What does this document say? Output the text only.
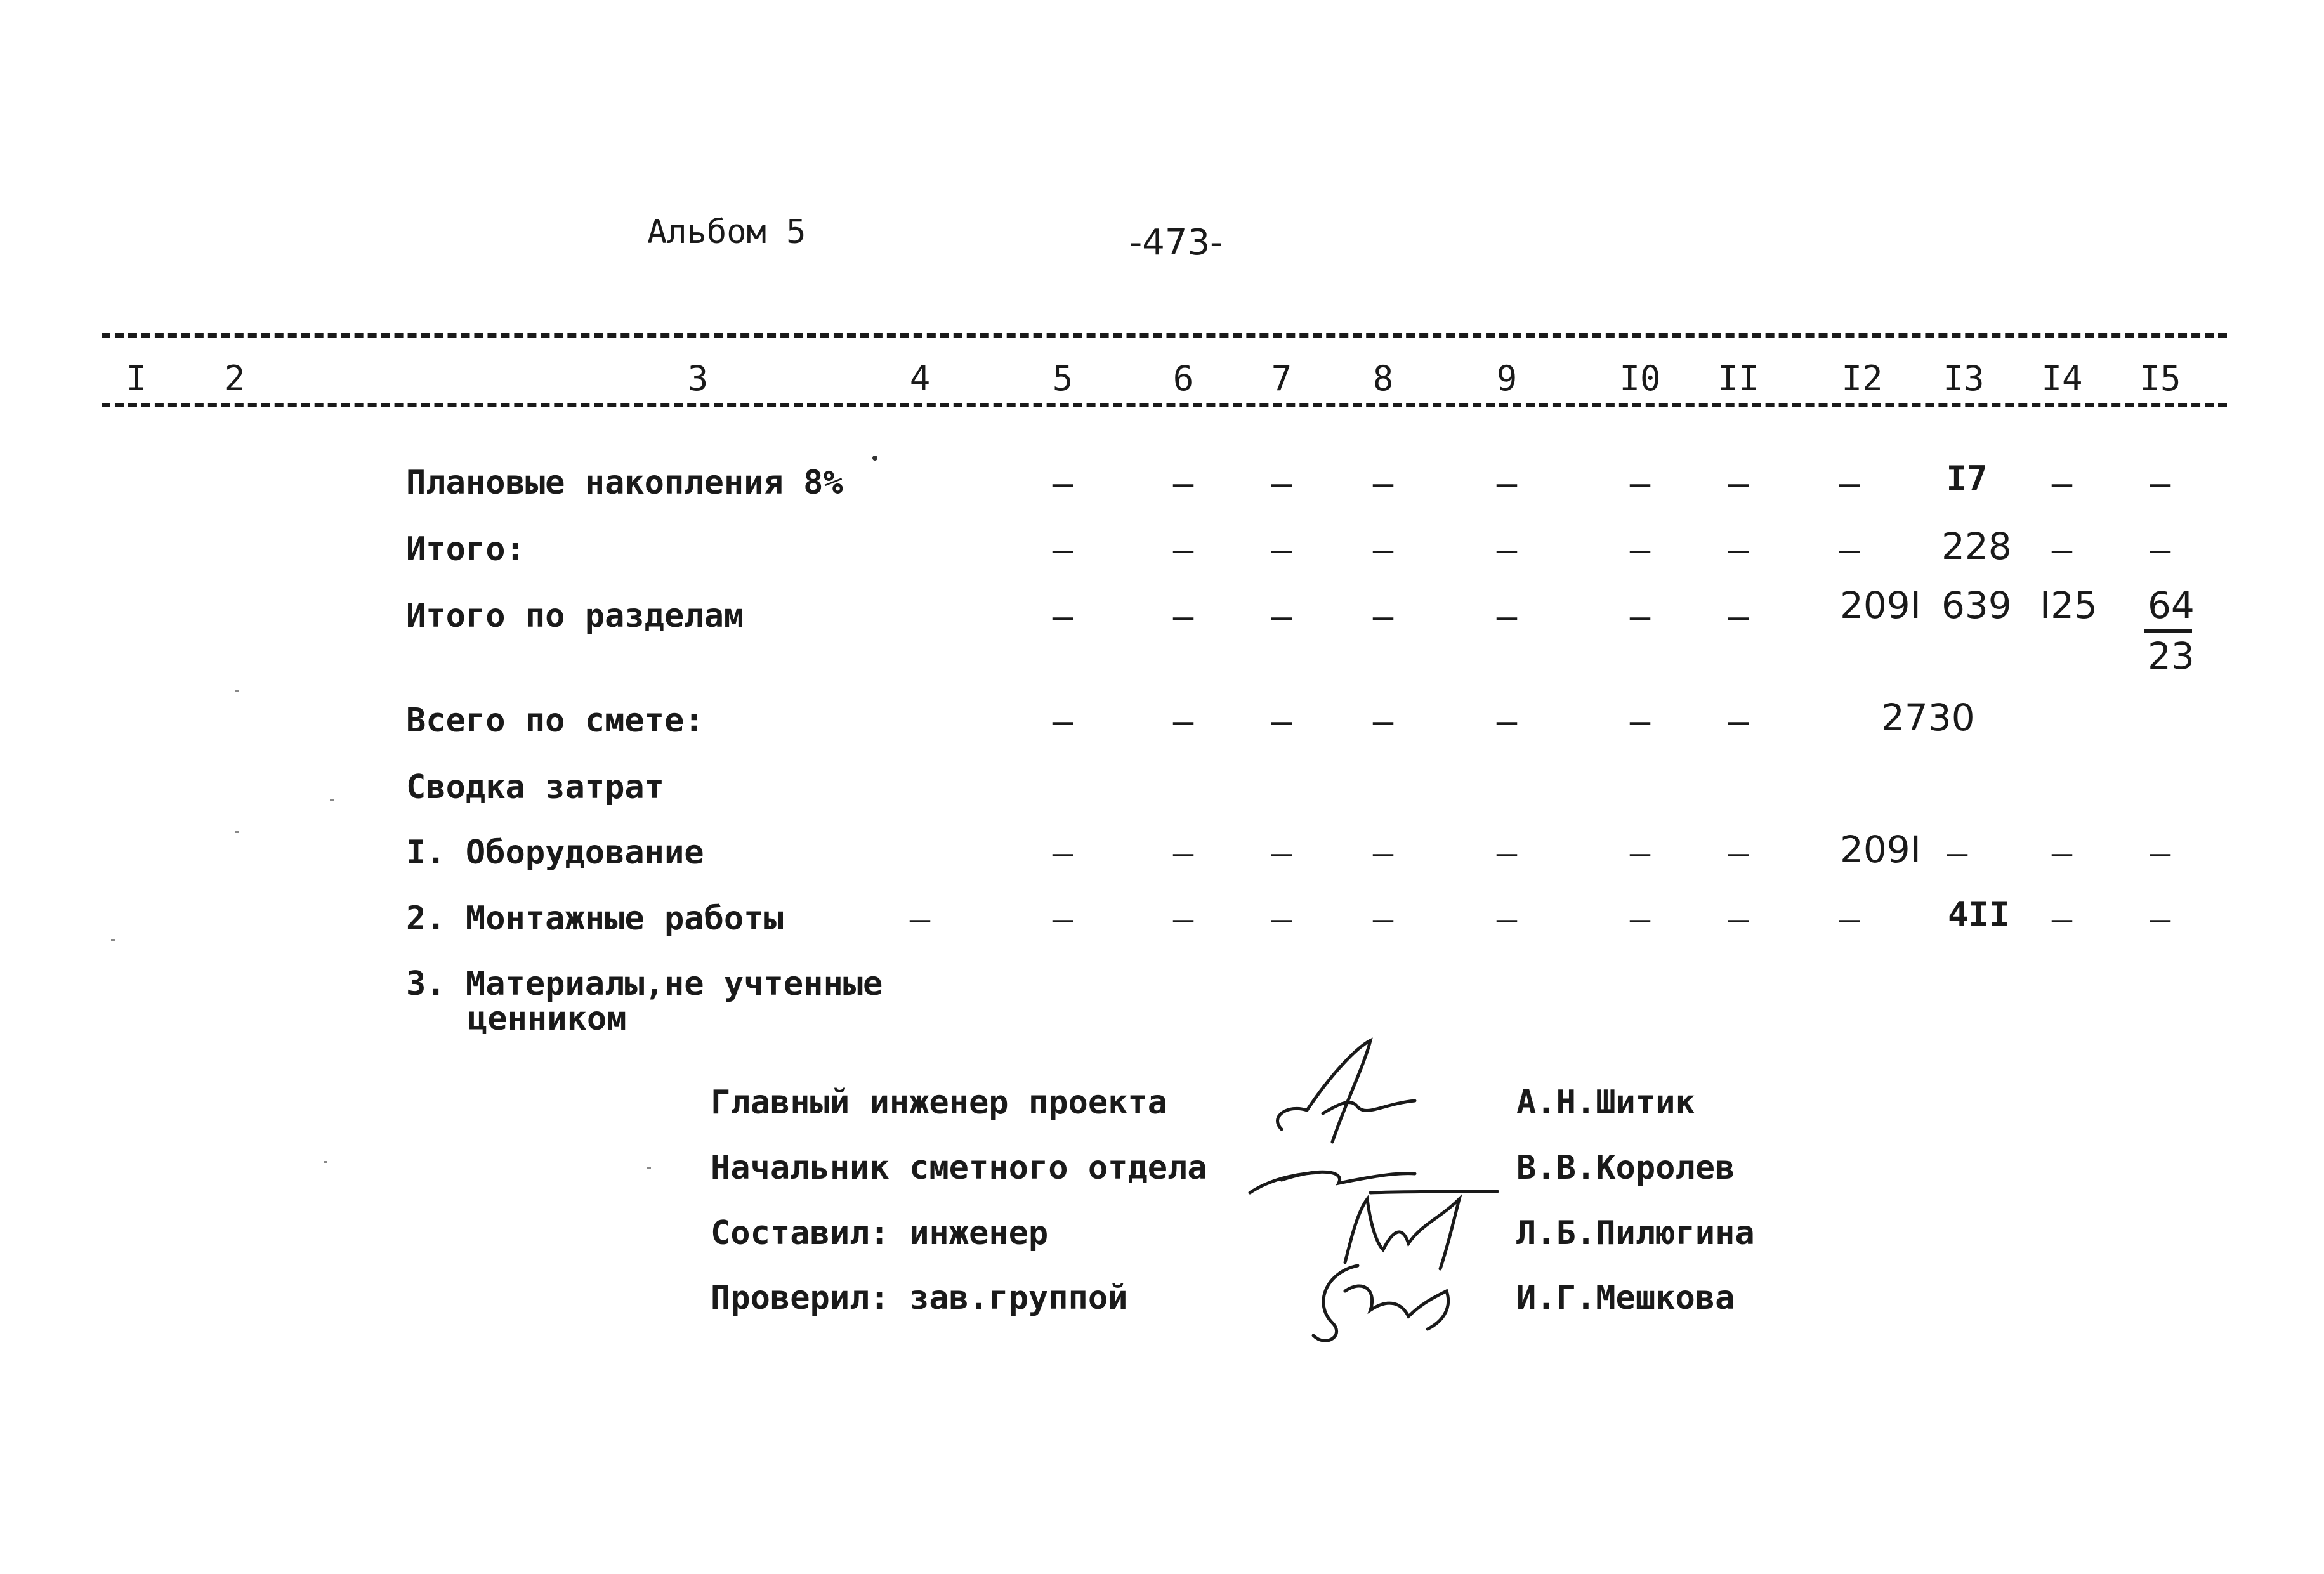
Альбом 5	-473-
I	2	3	4	5	6	7	8	9	I0 II I2 I3 I4 I5
Плановые накопления 8%	–	–	–	–	–	–	–	–	I7	–	–
Итого:	–	–	–	–	–	–	–	–	228	–	–
Итого по разделам	–	–	–	–	–	–	–	209I 639 I25 64
23
Всего по смете:	–	–	–	–	–	–	–	2730
Сводка затрат
I. Оборудование	–	–	–	–	–	–	–	209I –	–	–
2. Монтажные работы	–	–	–	–	–	–	–	–	–	4II	–	–
3. Материалы,не учтенные
ценником
Главный инженер проекта	А.Н.Шитик
Начальник сметного отдела	В.В.Королев
Составил: инженер	Л.Б.Пилюгина
Проверил: зав.группой	И.Г.Мешкова
